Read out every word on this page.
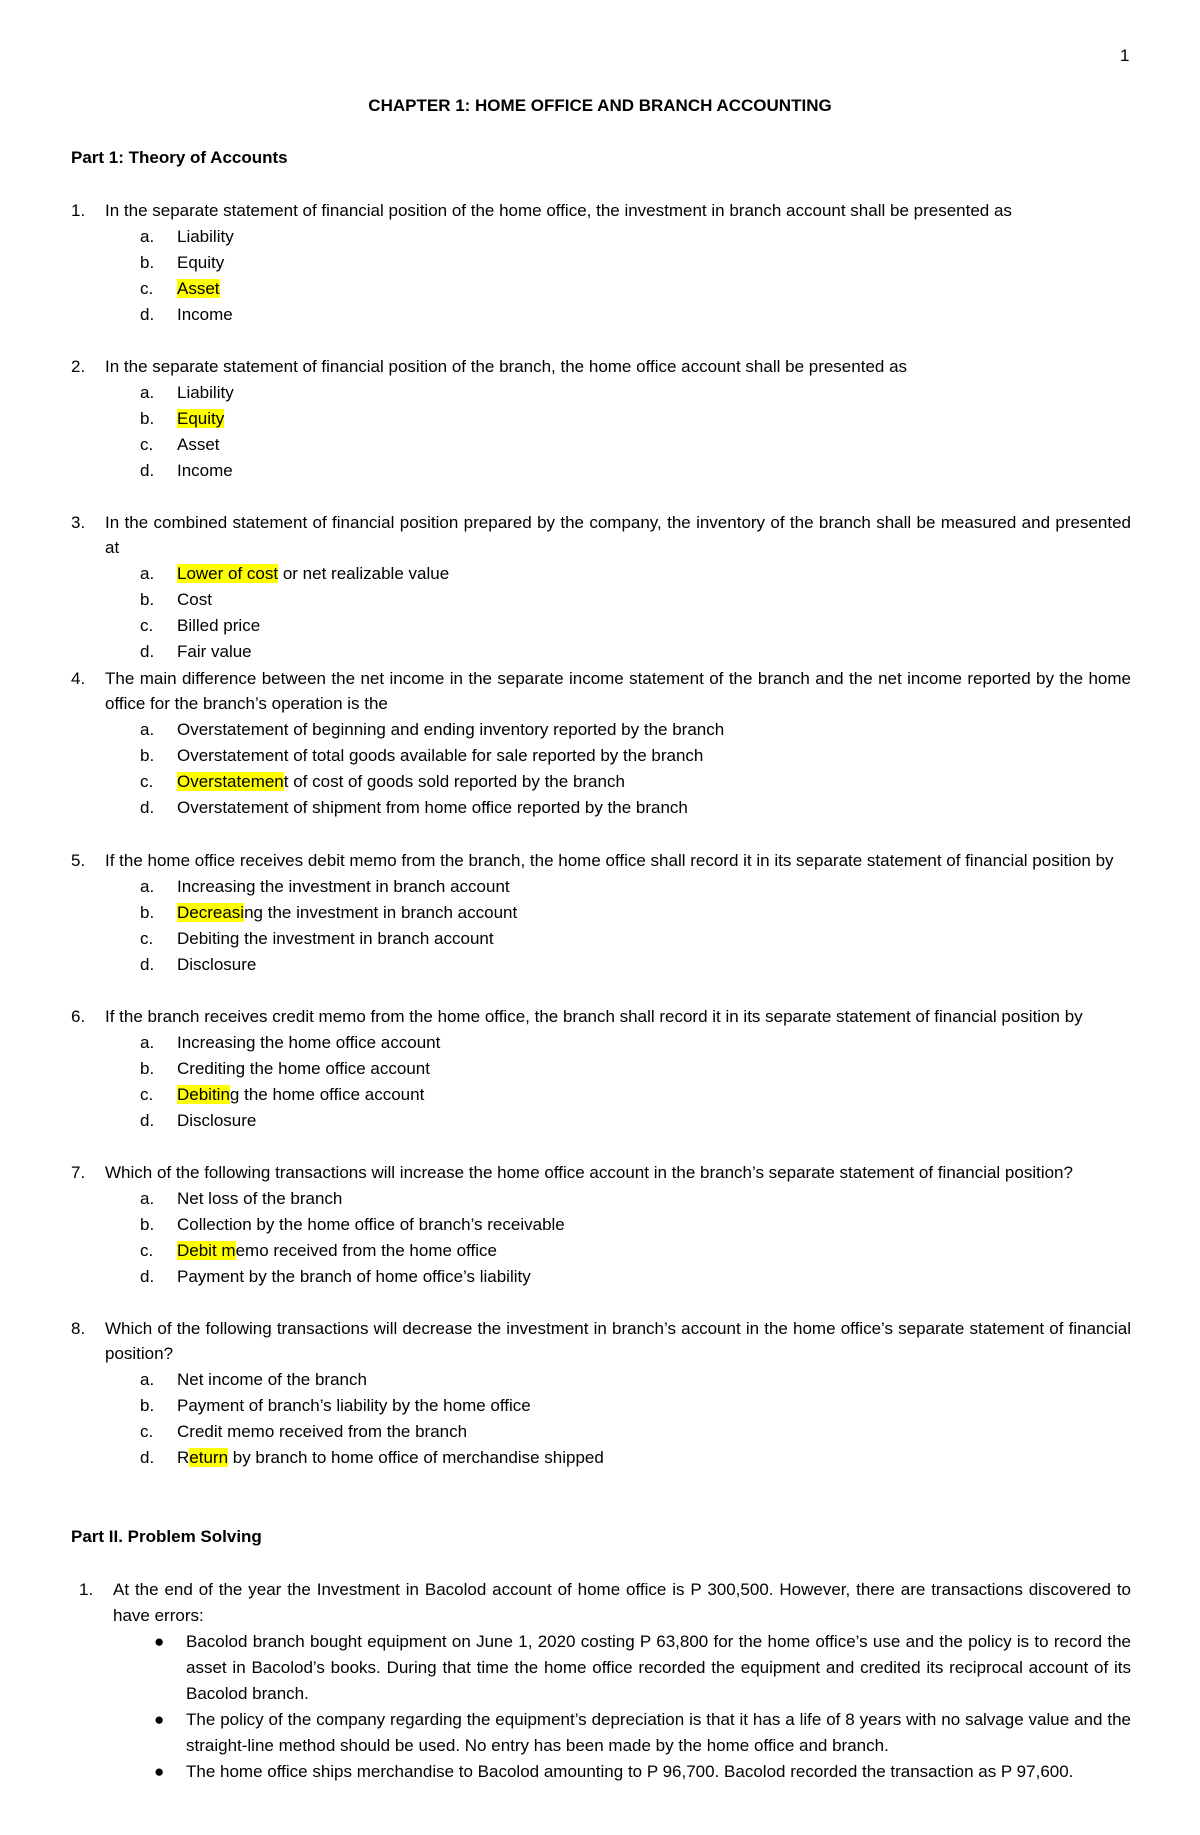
1
CHAPTER 1: HOME OFFICE AND BRANCH ACCOUNTING
Part 1: Theory of Accounts
1.	In the separate statement of financial position of the home office, the investment in branch account shall be presented as
a.	Liability
b.	Equity
c.	Asset
d.	Income
2.	In the separate statement of financial position of the branch, the home office account shall be presented as
a.	Liability
b.	Equity
c.	Asset
d.	Income
3.	In the combined statement of financial position prepared by the company, the inventory of the branch shall be measured and presented at
a.	Lower of cost or net realizable value
b.	Cost
c.	Billed price
d.	Fair value
4.	The main difference between the net income in the separate income statement of the branch and the net income reported by the home office for the branch’s operation is the
a.	Overstatement of beginning and ending inventory reported by the branch
b.	Overstatement of total goods available for sale reported by the branch
c.	Overstatement of cost of goods sold reported by the branch
d.	Overstatement of shipment from home office reported by the branch
5.	If the home office receives debit memo from the branch, the home office shall record it in its separate statement of financial position by
a.	Increasing the investment in branch account
b.	Decreasing the investment in branch account
c.	Debiting the investment in branch account
d.	Disclosure
6.	If the branch receives credit memo from the home office, the branch shall record it in its separate statement of financial position by
a.	Increasing the home office account
b.	Crediting the home office account
c.	Debiting the home office account
d.	Disclosure
7.	Which of the following transactions will increase the home office account in the branch’s separate statement of financial position?
a.	Net loss of the branch
b.	Collection by the home office of branch’s receivable
c.	Debit memo received from the home office
d.	Payment by the branch of home office’s liability
8.	Which of the following transactions will decrease the investment in branch’s account in the home office’s separate statement of financial position?
a.	Net income of the branch
b.	Payment of branch’s liability by the home office
c.	Credit memo received from the branch
d.	Return by branch to home office of merchandise shipped
Part II. Problem Solving
1. At the end of the year the Investment in Bacolod account of home office is P 300,500. However, there are transactions discovered to have errors:
● Bacolod branch bought equipment on June 1, 2020 costing P 63,800 for the home office’s use and the policy is to record the asset in Bacolod’s books. During that time the home office recorded the equipment and credited its reciprocal account of its Bacolod branch.
● The policy of the company regarding the equipment’s depreciation is that it has a life of 8 years with no salvage value and the straight-line method should be used. No entry has been made by the home office and branch.
● The home office ships merchandise to Bacolod amounting to P 96,700. Bacolod recorded the transaction as P 97,600.
